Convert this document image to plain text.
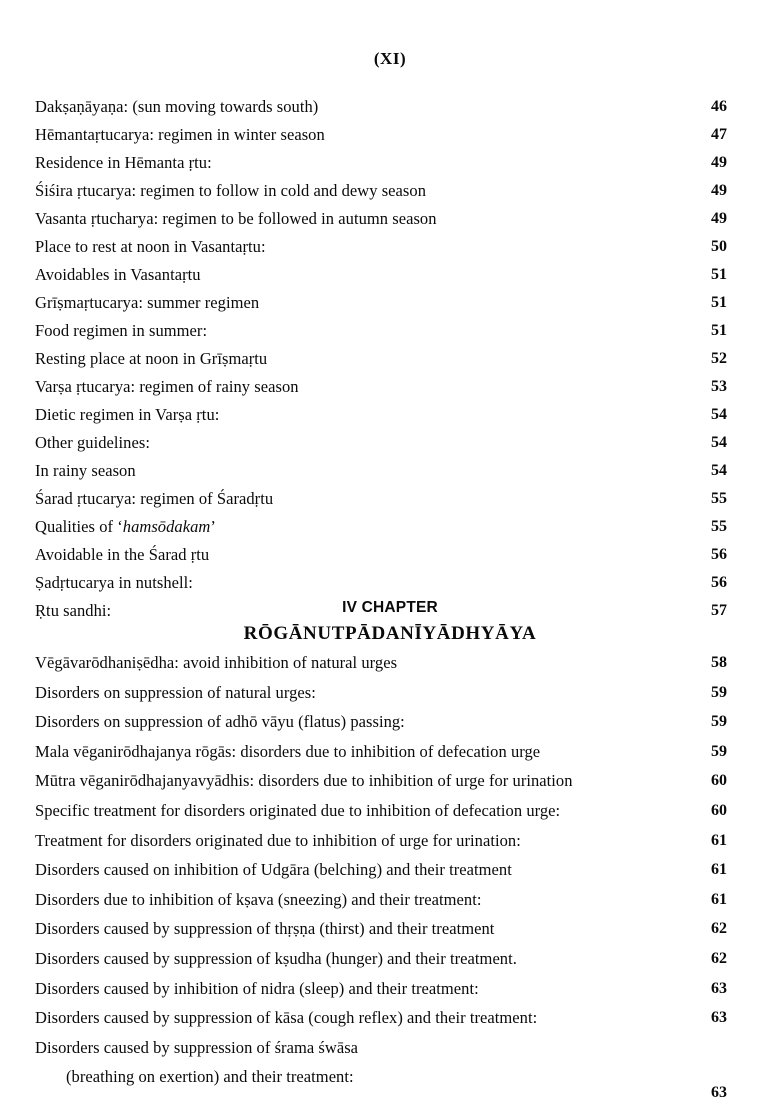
(XI)
Dakṣaṇāyaṇa: (sun moving towards south)	46
Hēmantaṛtucarya: regimen in winter season	47
Residence in Hēmanta ṛtu:	49
Śiśira ṛtucarya: regimen to follow in cold and dewy season	49
Vasanta ṛtucharya: regimen to be followed in autumn season	49
Place to rest at noon in Vasantaṛtu:	50
Avoidables in Vasantaṛtu	51
Grīṣmaṛtucarya: summer regimen	51
Food regimen in summer:	51
Resting place at noon in Grīṣmaṛtu	52
Varṣa ṛtucarya: regimen of rainy season	53
Dietic regimen in Varṣa ṛtu:	54
Other guidelines:	54
In rainy season	54
Śarad ṛtucarya: regimen of Śaradṛtu	55
Qualities of ‘hamsōdakam’	55
Avoidable in the Śarad ṛtu	56
Ṣadṛtucarya in nutshell:	56
Ṛtu sandhi:	57
IV CHAPTER
RŌGĀNUTPĀDANĪYĀDHYĀYA
Vēgāvarōdhaniṣēdha: avoid inhibition of natural urges	58
Disorders on suppression of natural urges:	59
Disorders on suppression of adhō vāyu (flatus) passing:	59
Mala vēganirōdhajanya rōgās: disorders due to inhibition of defecation urge	59
Mūtra vēganirōdhajanyavyādhis: disorders due to inhibition of urge for urination	60
Specific treatment for disorders originated due to inhibition of defecation urge:	60
Treatment for disorders originated due to inhibition of urge for urination:	61
Disorders caused on inhibition of Udgāra (belching) and their treatment	61
Disorders due to inhibition of kṣava (sneezing) and their treatment:	61
Disorders caused by suppression of thṛṣṇa (thirst) and their treatment	62
Disorders caused by suppression of kṣudha (hunger) and their treatment.	62
Disorders caused by inhibition of nidra (sleep) and their treatment:	63
Disorders caused by suppression of kāsa (cough reflex) and their treatment:	63
Disorders caused by suppression of śrama śwāsa
(breathing on exertion) and their treatment:
63
